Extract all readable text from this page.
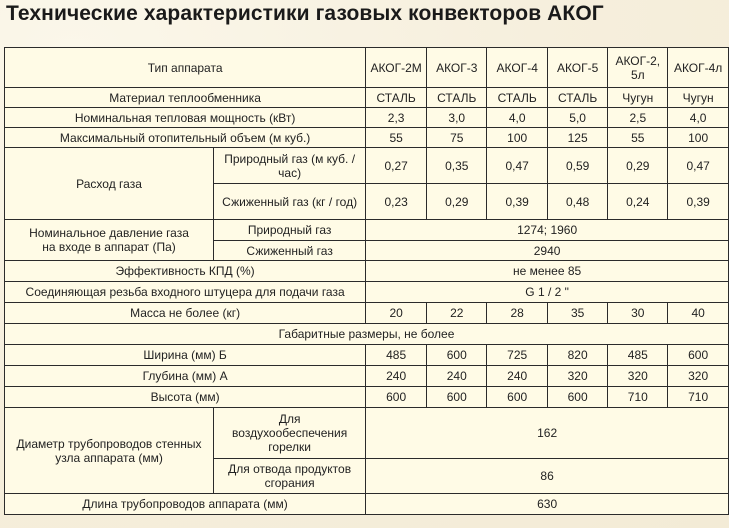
Технические характеристики газовых конвекторов АКОГ
Тип аппарата		АКОГ-2М	АКОГ-3	АКОГ-4	АКОГ-5	АКОГ-2, 5л	АКОГ-4л
Материал теплообменника		СТАЛЬ	СТАЛЬ	СТАЛЬ	СТАЛЬ	Чугун	Чугун
Номинальная тепловая мощность (кВт)		2,3	3,0	4,0	5,0	2,5	4,0
Максимальный отопительный объем (м куб.)		55	75	100	125	55	100
Расход газа	Природный газ (м куб. / час)	0,27	0,35	0,47	0,59	0,29	0,47
	Сжиженный газ (кг / год)	0,23	0,29	0,39	0,48	0,24	0,39
Номинальное давление газа на входе в аппарат (Па)	Природный газ	1274; 1960					
	Сжиженный газ	2940					
Эффективность КПД (%)		не менее 85					
Соединяющая резьба входного штуцера для подачи газа		G 1 / 2 "					
Масса не более (кг)		20	22	28	35	30	40
Габаритные размеры, не более							
Ширина (мм) Б		485	600	725	820	485	600
Глубина (мм) А		240	240	240	320	320	320
Высота (мм)		600	600	600	600	710	710
Диаметр трубопроводов стенных узла аппарата (мм)	Для воздухообеспечения горелки	162					
	Для отвода продуктов сгорания	86					
Длина трубопроводов аппарата (мм)		630					
